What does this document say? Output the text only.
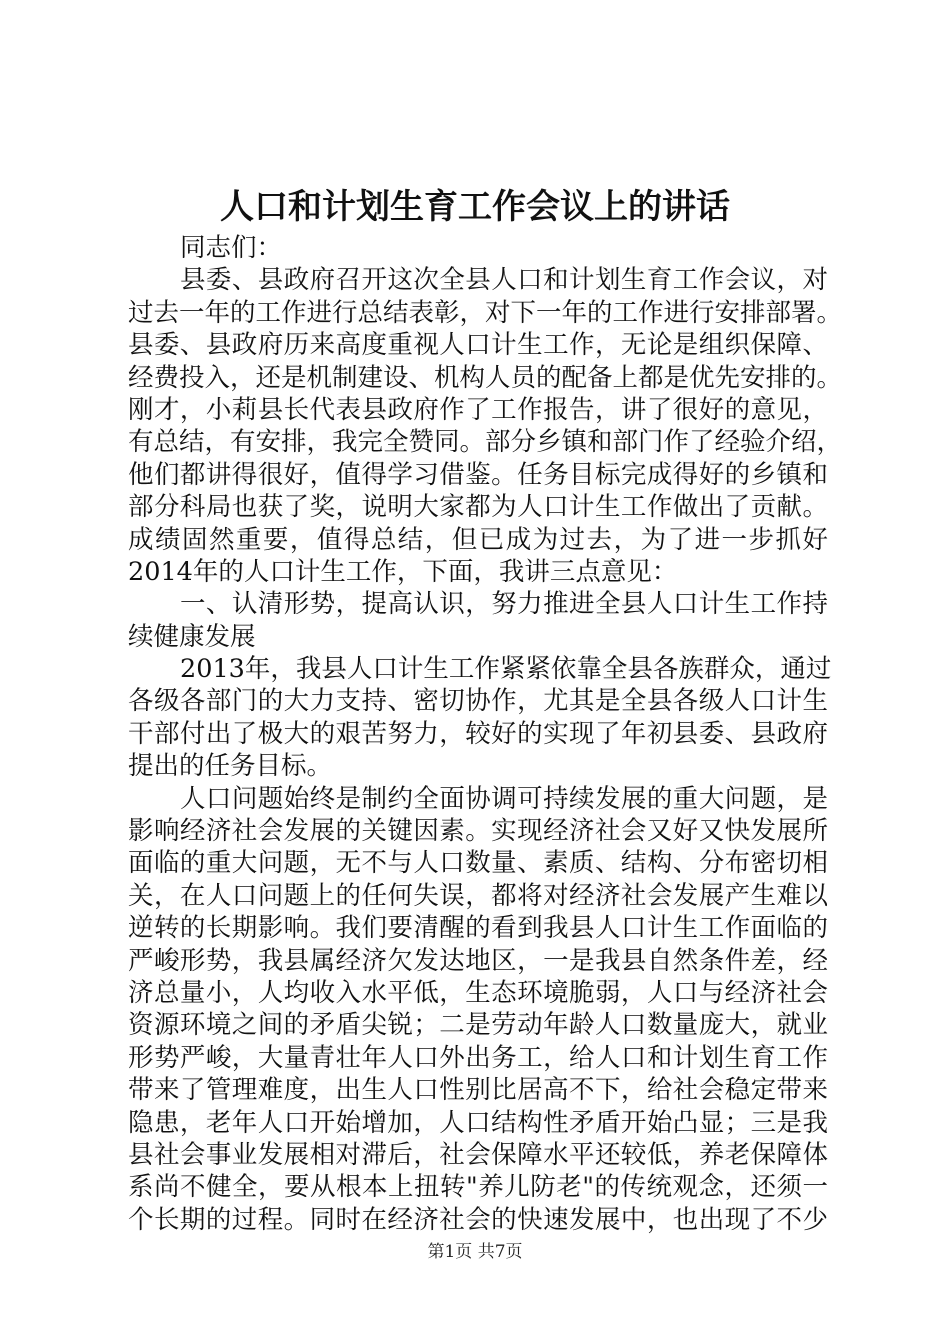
人口和计划生育工作会议上的讲话
同志们：
县委、县政府召开这次全县人口和计划生育工作会议，对
过去一年的工作进行总结表彰，对下一年的工作进行安排部署。
县委、县政府历来高度重视人口计生工作，无论是组织保障、
经费投入，还是机制建设、机构人员的配备上都是优先安排的。
刚才，小莉县长代表县政府作了工作报告，讲了很好的意见，
有总结，有安排，我完全赞同。部分乡镇和部门作了经验介绍，
他们都讲得很好，值得学习借鉴。任务目标完成得好的乡镇和
部分科局也获了奖，说明大家都为人口计生工作做出了贡献。
成绩固然重要，值得总结，但已成为过去，为了进一步抓好
2014年的人口计生工作，下面，我讲三点意见：
一、认清形势，提高认识，努力推进全县人口计生工作持
续健康发展
2013年，我县人口计生工作紧紧依靠全县各族群众，通过
各级各部门的大力支持、密切协作，尤其是全县各级人口计生
干部付出了极大的艰苦努力，较好的实现了年初县委、县政府
提出的任务目标。
人口问题始终是制约全面协调可持续发展的重大问题，是
影响经济社会发展的关键因素。实现经济社会又好又快发展所
面临的重大问题，无不与人口数量、素质、结构、分布密切相
关，在人口问题上的任何失误，都将对经济社会发展产生难以
逆转的长期影响。我们要清醒的看到我县人口计生工作面临的
严峻形势，我县属经济欠发达地区，一是我县自然条件差，经
济总量小，人均收入水平低，生态环境脆弱，人口与经济社会
资源环境之间的矛盾尖锐；二是劳动年龄人口数量庞大，就业
形势严峻，大量青壮年人口外出务工，给人口和计划生育工作
带来了管理难度，出生人口性别比居高不下，给社会稳定带来
隐患，老年人口开始增加，人口结构性矛盾开始凸显；三是我
县社会事业发展相对滞后，社会保障水平还较低，养老保障体
系尚不健全，要从根本上扭转"养儿防老"的传统观念，还须一
个长期的过程。同时在经济社会的快速发展中，也出现了不少
第1页 共7页
